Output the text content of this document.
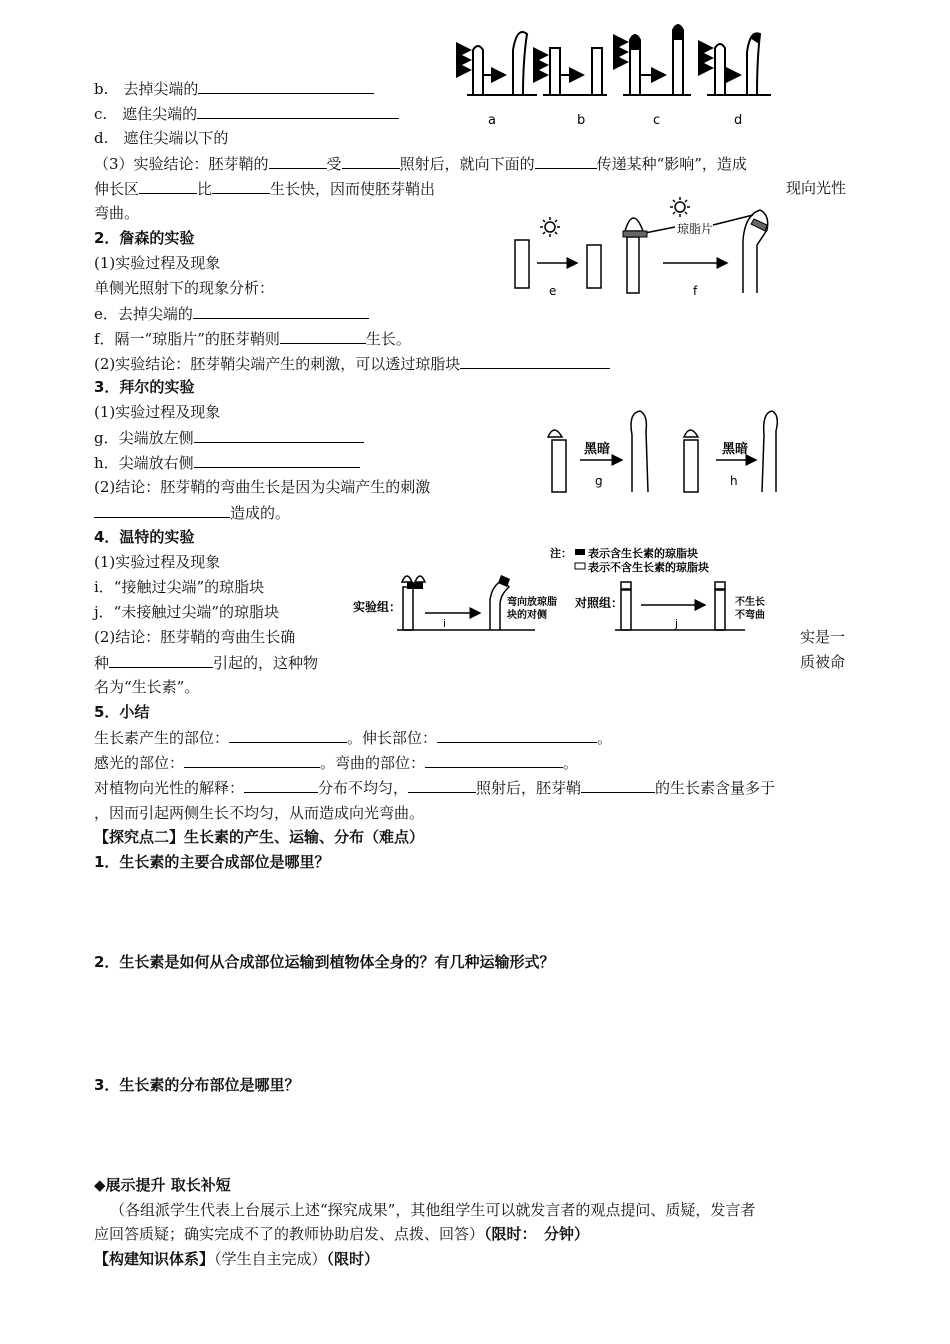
b.　去掉尖端的
c.　遮住尖端的
d.　遮住尖端以下的
（3）实验结论：胚芽鞘的	受	照射后，就向下面的	传递某种“影响”，造成
伸长区	比	生长快，因而使胚芽鞘出	现向光性
弯曲。
a	b	c	d
2．詹森的实验
(1)实验过程及现象
单侧光照射下的现象分析：
e．去掉尖端的
f．隔一“琼脂片”的胚芽鞘则	生长。
(2)实验结论：胚芽鞘尖端产生的刺激，可以透过琼脂块
琼脂片
e	f
3．拜尔的实验
(1)实验过程及现象
g．尖端放左侧
h．尖端放右侧
(2)结论：胚芽鞘的弯曲生长是因为尖端产生的刺激
造成的。
黑暗	黑暗
g	h
4．温特的实验
(1)实验过程及现象
i．“接触过尖端”的琼脂块
j．“未接触过尖端”的琼脂块
(2)结论：胚芽鞘的弯曲生长确	实是一
种	引起的，这种物	质被命
名为“生长素”。
注： 表示含生长素的琼脂块
表示不含生长素的琼脂块
实验组：	对照组：
弯向放琼脂
块的对侧
不生长
不弯曲
i	j
5．小结
生长素产生的部位：	。伸长部位：	。
感光的部位：	。弯曲的部位：	。
对植物向光性的解释：	分布不均匀，	照射后，胚芽鞘	的生长素含量多于
，因而引起两侧生长不均匀，从而造成向光弯曲。
【探究点二】生长素的产生、运输、分布（难点）
1．生长素的主要合成部位是哪里？
2．生长素是如何从合成部位运输到植物体全身的？有几种运输形式？
3．生长素的分布部位是哪里？
◆展示提升 取长补短
（各组派学生代表上台展示上述“探究成果”，其他组学生可以就发言者的观点提问、质疑，发言者
应回答质疑；确实完成不了的教师协助启发、点拨、回答）（限时：　分钟）
【构建知识体系】（学生自主完成）（限时）
